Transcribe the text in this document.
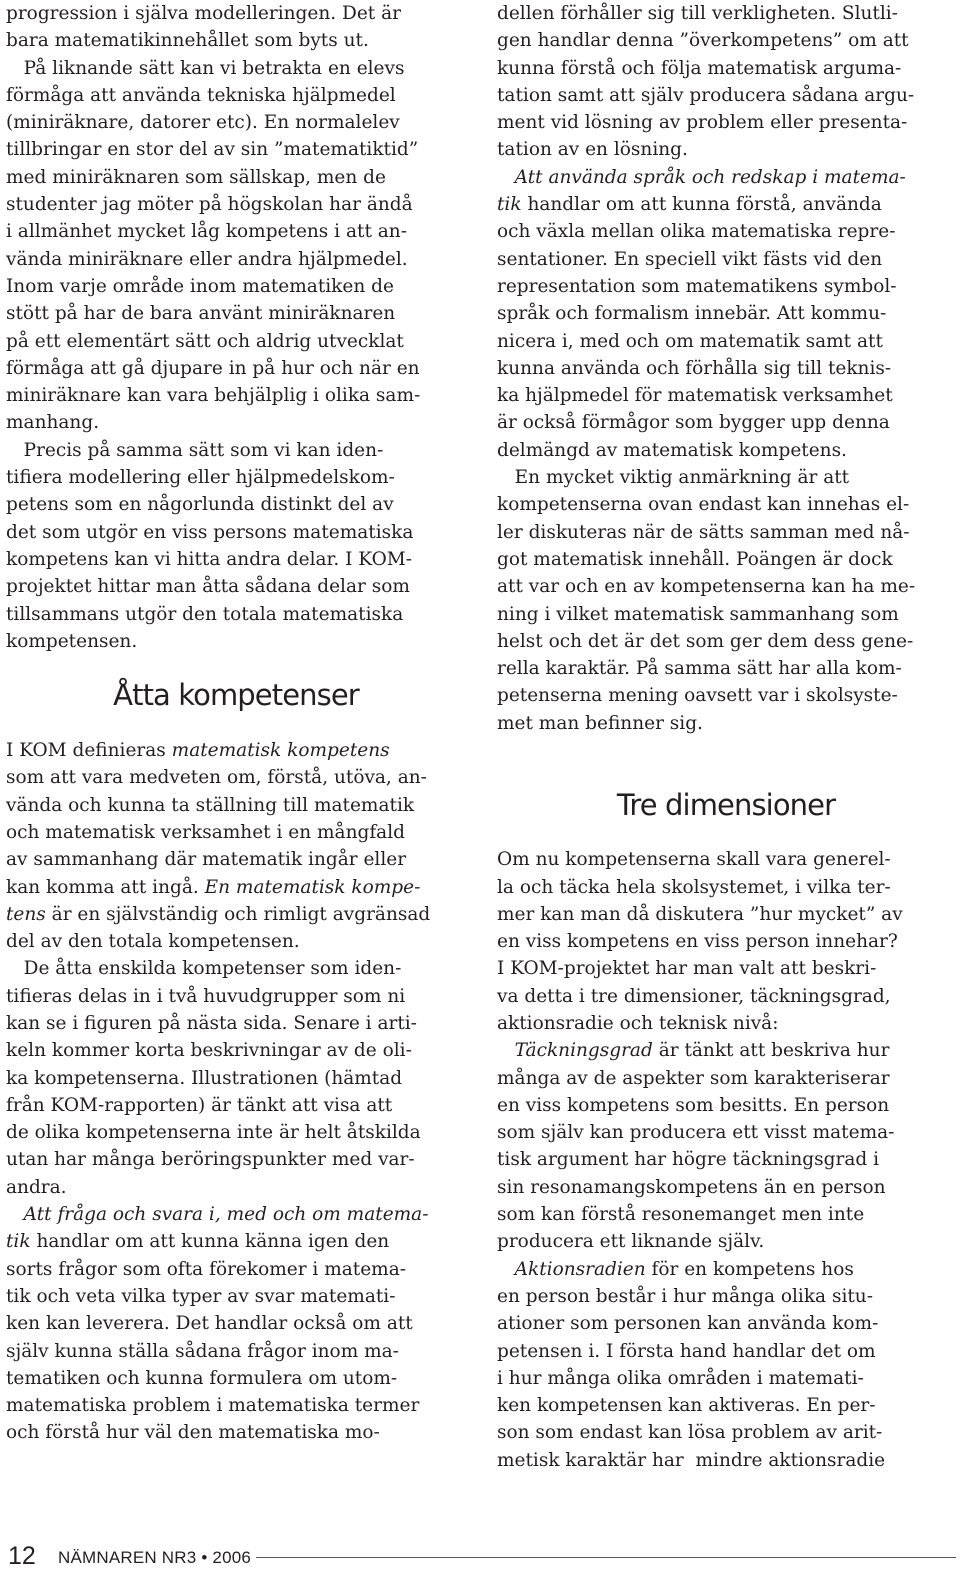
progression i själva modelleringen. Det är
bara matematikinnehållet som byts ut.
På liknande sätt kan vi betrakta en elevs
förmåga att använda tekniska hjälpmedel
(miniräknare, datorer etc). En normalelev
tillbringar en stor del av sin ”matematiktid”
med miniräknaren som sällskap, men de
studenter jag möter på högskolan har ändå
i allmänhet mycket låg kompetens i att an-
vända miniräknare eller andra hjälpmedel.
Inom varje område inom matematiken de
stött på har de bara använt miniräknaren
på ett elementärt sätt och aldrig utvecklat
förmåga att gå djupare in på hur och när en
miniräknare kan vara behjälplig i olika sam-
manhang.
Precis på samma sätt som vi kan iden-
tifiera modellering eller hjälpmedelskom-
petens som en någorlunda distinkt del av
det som utgör en viss persons matematiska
kompetens kan vi hitta andra delar. I KOM-
projektet hittar man åtta sådana delar som
tillsammans utgör den totala matematiska
kompetensen.
Åtta kompetenser
I KOM definieras matematisk kompetens
som att vara medveten om, förstå, utöva, an-
vända och kunna ta ställning till matematik
och matematisk verksamhet i en mångfald
av sammanhang där matematik ingår eller
kan komma att ingå. En matematisk kompe-
tens är en självständig och rimligt avgränsad
del av den totala kompetensen.
De åtta enskilda kompetenser som iden-
tifieras delas in i två huvudgrupper som ni
kan se i figuren på nästa sida. Senare i arti-
keln kommer korta beskrivningar av de oli-
ka kompetenserna. Illustrationen (hämtad
från KOM-rapporten) är tänkt att visa att
de olika kompetenserna inte är helt åtskilda
utan har många beröringspunkter med var-
andra.
Att fråga och svara i, med och om matema-
tik handlar om att kunna känna igen den
sorts frågor som ofta förekomer i matema-
tik och veta vilka typer av svar matemati-
ken kan leverera. Det handlar också om att
själv kunna ställa sådana frågor inom ma-
tematiken och kunna formulera om utom-
matematiska problem i matematiska termer
och förstå hur väl den matematiska mo-
dellen förhåller sig till verkligheten. Slutli-
gen handlar denna ”överkompetens” om att
kunna förstå och följa matematisk arguma-
tation samt att själv producera sådana argu-
ment vid lösning av problem eller presenta-
tation av en lösning.
Att använda språk och redskap i matema-
tik handlar om att kunna förstå, använda
och växla mellan olika matematiska repre-
sentationer. En speciell vikt fästs vid den
representation som matematikens symbol-
språk och formalism innebär. Att kommu-
nicera i, med och om matematik samt att
kunna använda och förhålla sig till teknis-
ka hjälpmedel för matematisk verksamhet
är också förmågor som bygger upp denna
delmängd av matematisk kompetens.
En mycket viktig anmärkning är att
kompetenserna ovan endast kan innehas el-
ler diskuteras när de sätts samman med nå-
got matematisk innehåll. Poängen är dock
att var och en av kompetenserna kan ha me-
ning i vilket matematisk sammanhang som
helst och det är det som ger dem dess gene-
rella karaktär. På samma sätt har alla kom-
petenserna mening oavsett var i skolsyste-
met man befinner sig.
Tre dimensioner
Om nu kompetenserna skall vara generel-
la och täcka hela skolsystemet, i vilka ter-
mer kan man då diskutera ”hur mycket” av
en viss kompetens en viss person innehar?
I KOM-projektet har man valt att beskri-
va detta i tre dimensioner, täckningsgrad,
aktionsradie och teknisk nivå:
Täckningsgrad är tänkt att beskriva hur
många av de aspekter som karakteriserar
en viss kompetens som besitts. En person
som själv kan producera ett visst matema-
tisk argument har högre täckningsgrad i
sin resonamangskompetens än en person
som kan förstå resonemanget men inte
producera ett liknande själv.
Aktionsradien för en kompetens hos
en person består i hur många olika situ-
ationer som personen kan använda kom-
petensen i. I första hand handlar det om
i hur många olika områden i matemati-
ken kompetensen kan aktiveras. En per-
son som endast kan lösa problem av arit-
metisk karaktär har  mindre aktionsradie
12 NÄMNAREN NR3 • 2006
